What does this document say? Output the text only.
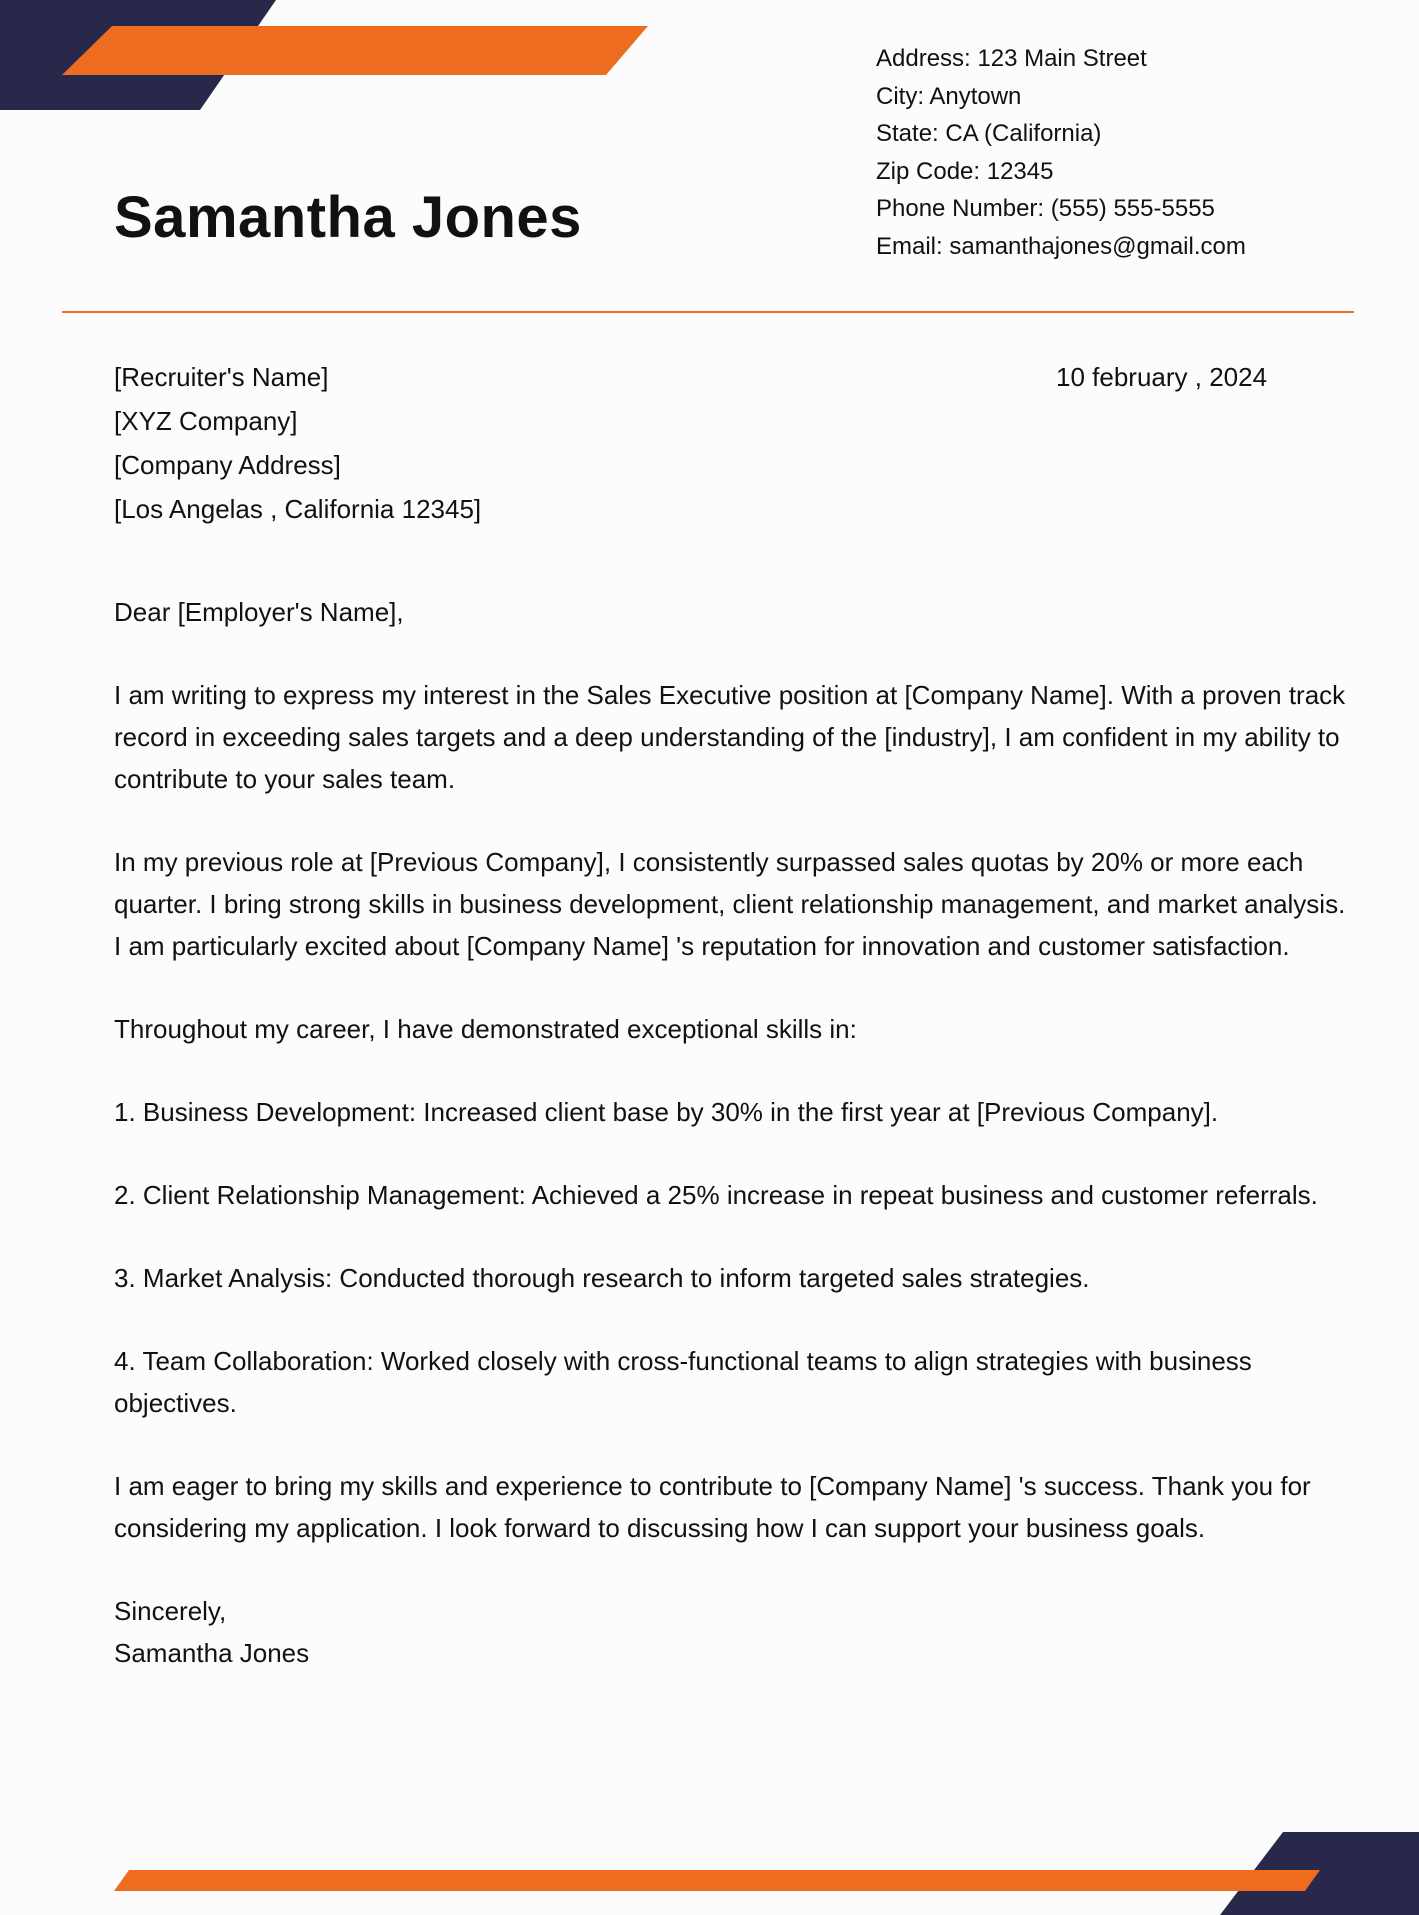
Samantha Jones
Address: 123 Main Street
City: Anytown
State: CA (California)
Zip Code: 12345
Phone Number: (555) 555-5555
Email: samanthajones@gmail.com
[Recruiter's Name]
[XYZ Company]
[Company Address]
[Los Angelas , California 12345]
10 february , 2024

Dear [Employer's Name],

I am writing to express my interest in the Sales Executive position at [Company Name]. With a proven track record in exceeding sales targets and a deep understanding of the [industry], I am confident in my ability to contribute to your sales team.

In my previous role at [Previous Company], I consistently surpassed sales quotas by 20% or more each quarter. I bring strong skills in business development, client relationship management, and market analysis. I am particularly excited about [Company Name] 's reputation for innovation and customer satisfaction.

Throughout my career, I have demonstrated exceptional skills in:

1. Business Development: Increased client base by 30% in the first year at [Previous Company].

2. Client Relationship Management: Achieved a 25% increase in repeat business and customer referrals.

3. Market Analysis: Conducted thorough research to inform targeted sales strategies.

4. Team Collaboration: Worked closely with cross-functional teams to align strategies with business objectives.

I am eager to bring my skills and experience to contribute to [Company Name] 's success. Thank you for considering my application. I look forward to discussing how I can support your business goals.

Sincerely,

Samantha Jones
